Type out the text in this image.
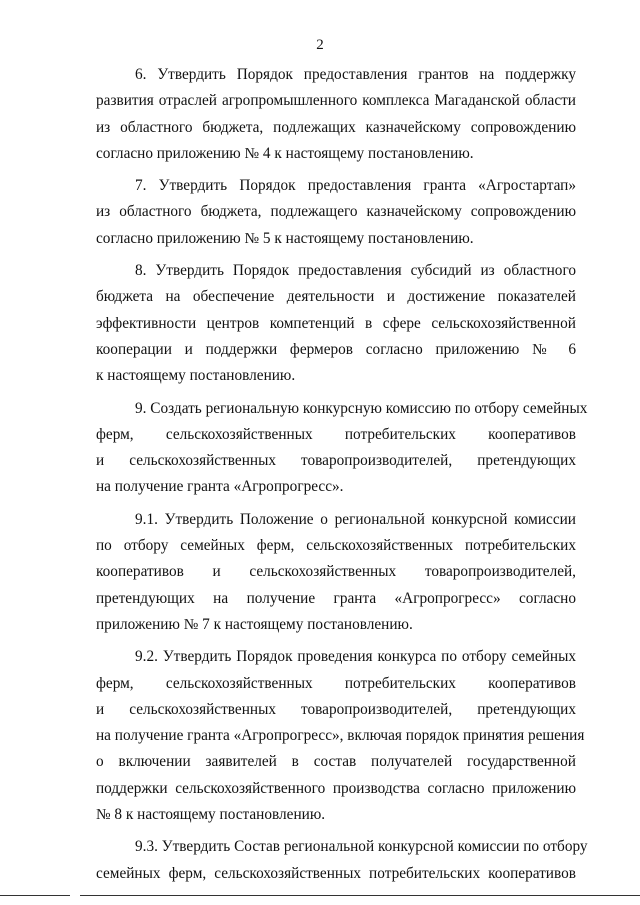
2
6. Утвердить Порядок предоставления грантов на поддержку
развития отраслей агропромышленного комплекса Магаданской области
из областного бюджета, подлежащих казначейскому сопровождению
согласно приложению № 4 к настоящему постановлению.
7. Утвердить Порядок предоставления гранта «Агростартап»
из областного бюджета, подлежащего казначейскому сопровождению
согласно приложению № 5 к настоящему постановлению.
8. Утвердить Порядок предоставления субсидий из областного
бюджета на обеспечение деятельности и достижение показателей
эффективности центров компетенций в сфере сельскохозяйственной
кооперации и поддержки фермеров согласно приложению № 6
к настоящему постановлению.
9. Создать региональную конкурсную комиссию по отбору семейных
ферм, сельскохозяйственных потребительских кооперативов
и сельскохозяйственных товаропроизводителей, претендующих
на получение гранта «Агропрогресс».
9.1. Утвердить Положение о региональной конкурсной комиссии
по отбору семейных ферм, сельскохозяйственных потребительских
кооперативов и сельскохозяйственных товаропроизводителей,
претендующих на получение гранта «Агропрогресс» согласно
приложению № 7 к настоящему постановлению.
9.2. Утвердить Порядок проведения конкурса по отбору семейных
ферм, сельскохозяйственных потребительских кооперативов
и сельскохозяйственных товаропроизводителей, претендующих
на получение гранта «Агропрогресс», включая порядок принятия решения
о включении заявителей в состав получателей государственной
поддержки сельскохозяйственного производства согласно приложению
№ 8 к настоящему постановлению.
9.3. Утвердить Состав региональной конкурсной комиссии по отбору
семейных ферм, сельскохозяйственных потребительских кооперативов
